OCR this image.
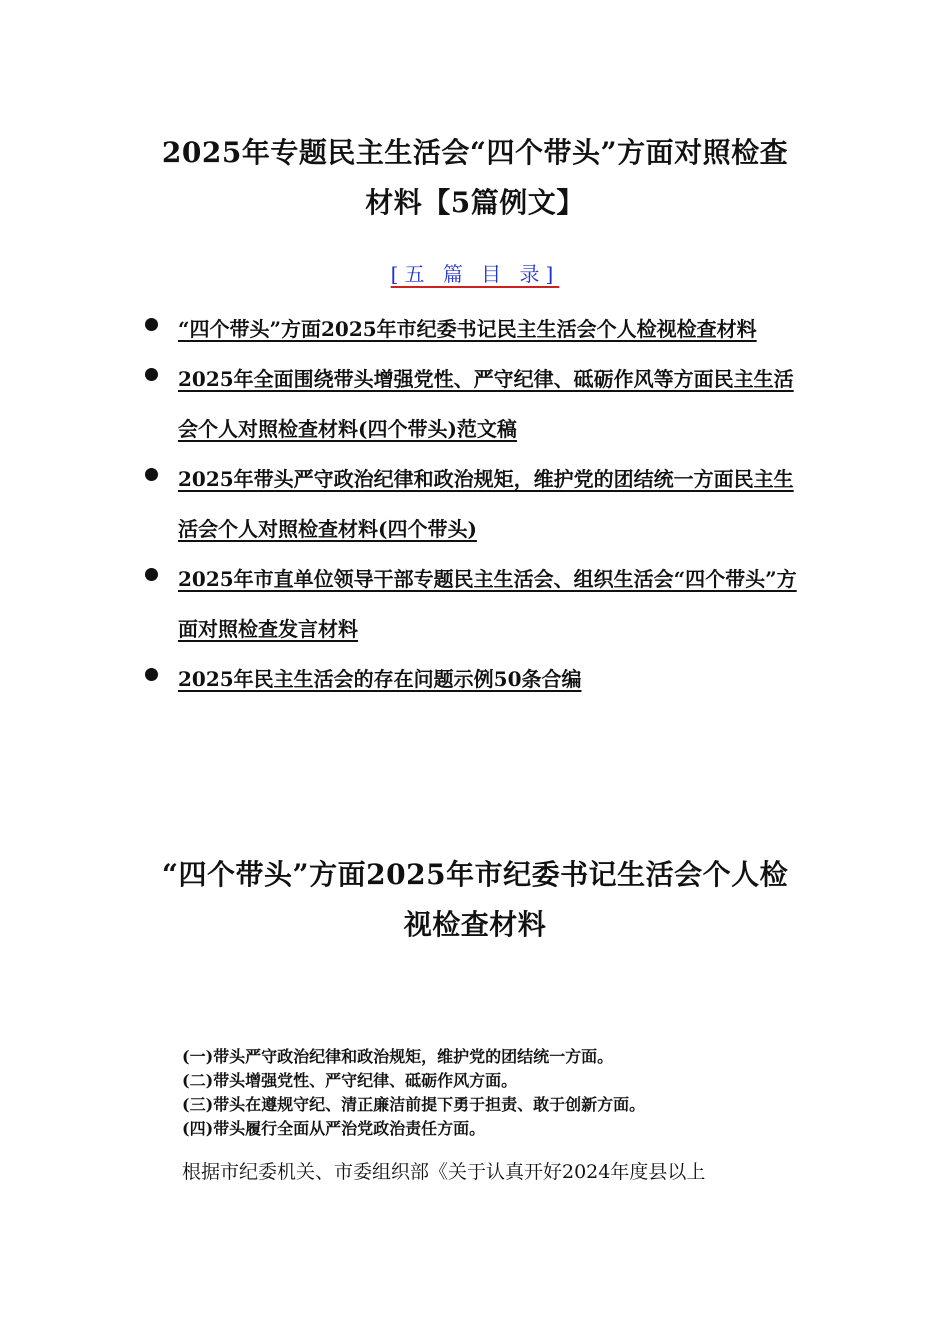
2025年专题民主生活会“四个带头”方面对照检查
材料【5篇例文】
[五 篇 目 录]
“四个带头”方面2025年市纪委书记民主生活会个人检视检查材料
2025年全面围绕带头增强党性、严守纪律、砥砺作风等方面民主生活会个人对照检查材料(四个带头)范文稿
2025年带头严守政治纪律和政治规矩，维护党的团结统一方面民主生活会个人对照检查材料(四个带头)
2025年市直单位领导干部专题民主生活会、组织生活会“四个带头”方面对照检查发言材料
2025年民主生活会的存在问题示例50条合编
“四个带头”方面2025年市纪委书记生活会个人检
视检查材料
(一)带头严守政治纪律和政治规矩，维护党的团结统一方面。
(二)带头增强党性、严守纪律、砥砺作风方面。
(三)带头在遵规守纪、清正廉洁前提下勇于担责、敢于创新方面。
(四)带头履行全面从严治党政治责任方面。
根据市纪委机关、市委组织部《关于认真开好2024年度县以上
